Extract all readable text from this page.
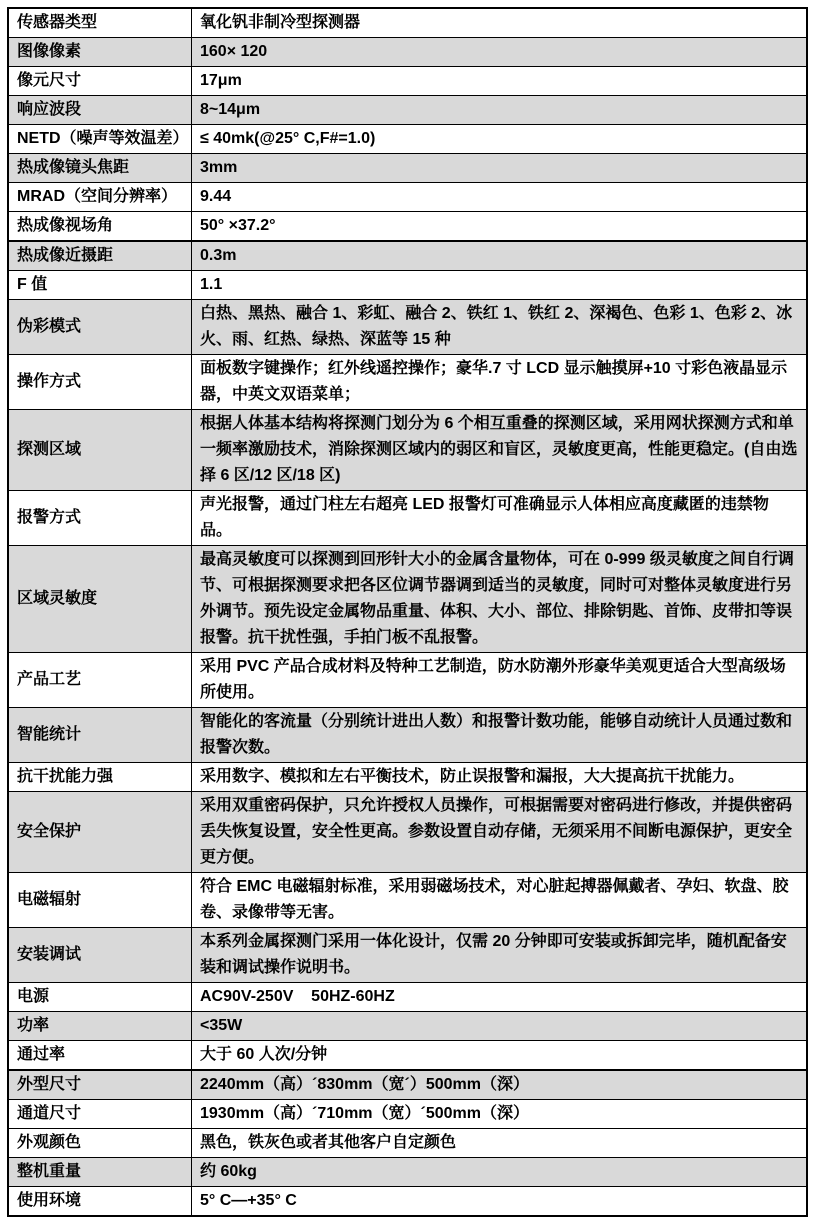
传感器类型	氧化钒非制冷型探测器
图像像素	160× 120
像元尺寸	17μm
响应波段	8~14μm
NETD（噪声等效温差）	≤ 40mk(@25° C,F#=1.0)
热成像镜头焦距	3mm
MRAD（空间分辨率）	9.44
热成像视场角	50° ×37.2°
热成像近摄距	0.3m
F 值	1.1
伪彩模式	白热、黑热、融合 1、彩虹、融合 2、铁红 1、铁红 2、深褐色、色彩 1、色彩 2、冰火、雨、红热、绿热、深蓝等 15 种
操作方式	面板数字键操作；红外线遥控操作；豪华.7 寸 LCD 显示触摸屏+10 寸彩色液晶显示器，中英文双语菜单；
探测区域	根据人体基本结构将探测门划分为 6 个相互重叠的探测区域，采用网状探测方式和单一频率激励技术，消除探测区域内的弱区和盲区，灵敏度更高，性能更稳定。(自由选择 6 区/12 区/18 区)
报警方式	声光报警，通过门柱左右超亮 LED 报警灯可准确显示人体相应高度藏匿的违禁物品。
区域灵敏度	最高灵敏度可以探测到回形针大小的金属含量物体，可在 0-999 级灵敏度之间自行调节、可根据探测要求把各区位调节器调到适当的灵敏度，同时可对整体灵敏度进行另外调节。预先设定金属物品重量、体积、大小、部位、排除钥匙、首饰、皮带扣等误报警。抗干扰性强，手拍门板不乱报警。
产品工艺	采用 PVC 产品合成材料及特种工艺制造，防水防潮外形豪华美观更适合大型高级场所使用。
智能统计	智能化的客流量（分别统计进出人数）和报警计数功能，能够自动统计人员通过数和报警次数。
抗干扰能力强	采用数字、模拟和左右平衡技术，防止误报警和漏报，大大提高抗干扰能力。
安全保护	采用双重密码保护，只允许授权人员操作，可根据需要对密码进行修改，并提供密码丢失恢复设置，安全性更高。参数设置自动存储，无须采用不间断电源保护，更安全更方便。
电磁辐射	符合 EMC 电磁辐射标准，采用弱磁场技术，对心脏起搏器佩戴者、孕妇、软盘、胶卷、录像带等无害。
安装调试	本系列金属探测门采用一体化设计，仅需 20 分钟即可安装或拆卸完毕，随机配备安装和调试操作说明书。
电源	AC90V-250V    50HZ-60HZ
功率	<35W
通过率	大于 60 人次/分钟
外型尺寸	2240mm（高）´830mm（宽´）500mm（深）
通道尺寸	1930mm（高）´710mm（宽）´500mm（深）
外观颜色	黑色，铁灰色或者其他客户自定颜色
整机重量	约 60kg
使用环境	5° C—+35° C
